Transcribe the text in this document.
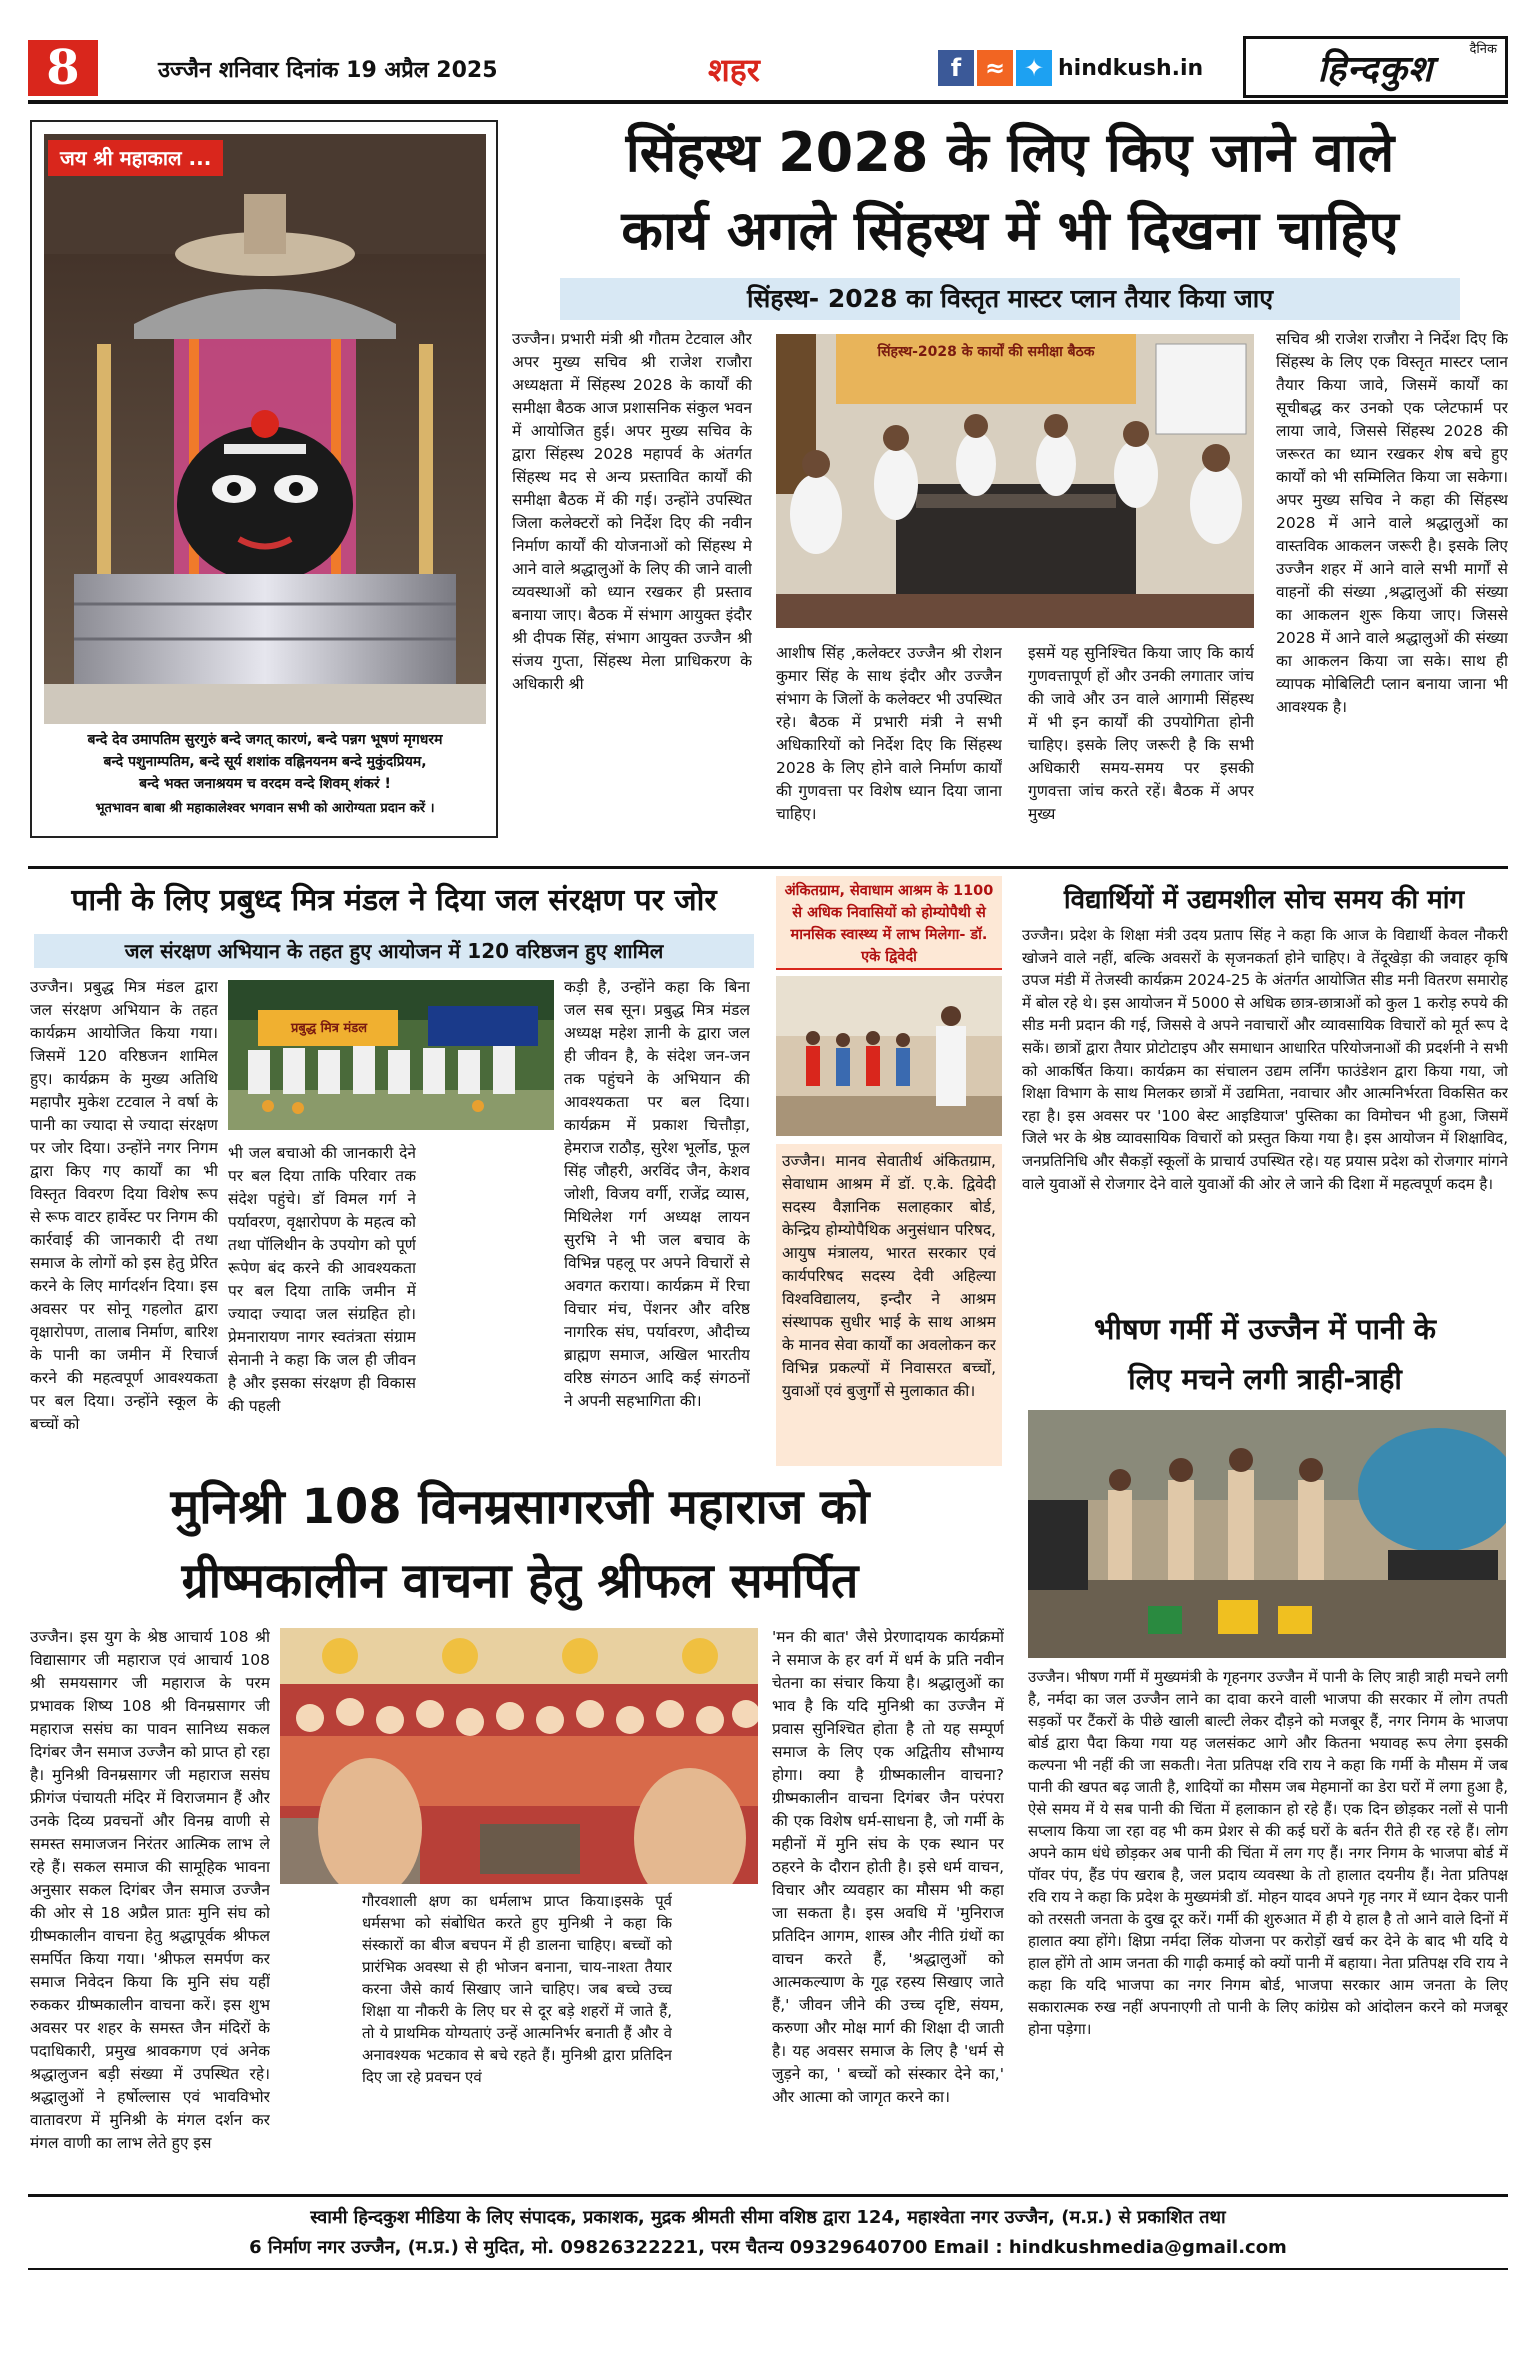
8	उज्जैन शनिवार दिनांक 19 अप्रैल 2025	शहर	f ≈ ✦ hindkush.in
दैनिक
हिन्दकुश
जय श्री महाकाल ...
बन्दे देव उमापतिम सुरगुरुं बन्दे जगत् कारणं, बन्दे पन्नग भूषणं मृगधरम
बन्दे पशुनाम्पतिम, बन्दे सूर्य शशांक वह्निनयनम बन्दे मुकुंदप्रियम,
बन्दे भक्त जनाश्रयम च वरदम वन्दे शिवम् शंकरं !
भूतभावन बाबा श्री महाकालेश्वर भगवान सभी को आरोग्यता प्रदान करें ।
सिंहस्थ 2028 के लिए किए जाने वाले
कार्य अगले सिंहस्थ में भी दिखना चाहिए
सिंहस्थ- 2028 का विस्तृत मास्टर प्लान तैयार किया जाए
उज्जैन। प्रभारी मंत्री श्री गौतम टेटवाल और अपर मुख्य सचिव श्री राजेश राजौरा अध्यक्षता में सिंहस्थ 2028 के कार्यों की समीक्षा बैठक आज प्रशासनिक संकुल भवन में आयोजित हुई। अपर मुख्य सचिव के द्वारा सिंहस्थ 2028 महापर्व के अंतर्गत सिंहस्थ मद से अन्य प्रस्तावित कार्यों की समीक्षा बैठक में की गई। उन्होंने उपस्थित जिला कलेक्टरों को निर्देश दिए की नवीन निर्माण कार्यों की योजनाओं को सिंहस्थ मे आने वाले श्रद्धालुओं के लिए की जाने वाली व्यवस्थाओं को ध्यान रखकर ही प्रस्ताव बनाया जाए। बैठक में संभाग आयुक्त इंदौर श्री दीपक सिंह, संभाग आयुक्त उज्जैन श्री संजय गुप्ता, सिंहस्थ मेला प्राधिकरण के अधिकारी श्री
सिंहस्थ-2028 के कार्यों की समीक्षा बैठक
आशीष सिंह ,कलेक्टर उज्जैन श्री रोशन कुमार सिंह के साथ इंदौर और उज्जैन संभाग के जिलों के कलेक्टर भी उपस्थित रहे। बैठक में प्रभारी मंत्री ने सभी अधिकारियों को निर्देश दिए कि सिंहस्थ 2028 के लिए होने वाले निर्माण कार्यों की गुणवत्ता पर विशेष ध्यान दिया जाना चाहिए।
इसमें यह सुनिश्चित किया जाए कि कार्य गुणवत्तापूर्ण हों और उनकी लगातार जांच की जावे और उन वाले आगामी सिंहस्थ में भी इन कार्यों की उपयोगिता होनी चाहिए। इसके लिए जरूरी है कि सभी अधिकारी समय-समय पर इसकी गुणवत्ता जांच करते रहें। बैठक में अपर मुख्य
सचिव श्री राजेश राजौरा ने निर्देश दिए कि सिंहस्थ के लिए एक विस्तृत मास्टर प्लान तैयार किया जावे, जिसमें कार्यों का सूचीबद्ध कर उनको एक प्लेटफार्म पर लाया जावे, जिससे सिंहस्थ 2028 की जरूरत का ध्यान रखकर शेष बचे हुए कार्यों को भी सम्मिलित किया जा सकेगा। अपर मुख्य सचिव ने कहा की सिंहस्थ 2028 में आने वाले श्रद्धालुओं का वास्तविक आकलन जरूरी है। इसके लिए उज्जैन शहर में आने वाले सभी मार्गों से वाहनों की संख्या ,श्रद्धालुओं की संख्या का आकलन शुरू किया जाए। जिससे 2028 में आने वाले श्रद्धालुओं की संख्या का आकलन किया जा सके। साथ ही व्यापक मोबिलिटी प्लान बनाया जाना भी आवश्यक है।
पानी के लिए प्रबुध्द मित्र मंडल ने दिया जल संरक्षण पर जोर
जल संरक्षण अभियान के तहत हुए आयोजन में 120 वरिष्ठजन हुए शामिल
उज्जैन। प्रबुद्ध मित्र मंडल द्वारा जल संरक्षण अभियान के तहत कार्यक्रम आयोजित किया गया। जिसमें 120 वरिष्ठजन शामिल हुए। कार्यक्रम के मुख्य अतिथि महापौर मुकेश टटवाल ने वर्षा के पानी का ज्यादा से ज्यादा संरक्षण पर जोर दिया। उन्होंने नगर निगम द्वारा किए गए कार्यों का भी विस्तृत विवरण दिया विशेष रूप से रूफ वाटर हार्वेस्ट पर निगम की कार्रवाई की जानकारी दी तथा समाज के लोगों को इस हेतु प्रेरित करने के लिए मार्गदर्शन दिया। इस अवसर पर सोनू गहलोत द्वारा वृक्षारोपण, तालाब निर्माण, बारिश के पानी का जमीन में रिचार्ज करने की महत्वपूर्ण आवश्यकता पर बल दिया। उन्होंने स्कूल के बच्चों को
प्रबुद्ध मित्र मंडल
भी जल बचाओ की जानकारी देने पर बल दिया ताकि परिवार तक संदेश पहुंचे। डॉ विमल गर्ग ने पर्यावरण, वृक्षारोपण के महत्व को तथा पॉलिथीन के उपयोग को पूर्ण रूपेण बंद करने की आवश्यकता पर बल दिया ताकि जमीन में ज्यादा ज्यादा जल संग्रहित हो। प्रेमनारायण नागर स्वतंत्रता संग्राम सेनानी ने कहा कि जल ही जीवन है और इसका संरक्षण ही विकास की पहली
कड़ी है, उन्होंने कहा कि बिना जल सब सून। प्रबुद्ध मित्र मंडल अध्यक्ष महेश ज्ञानी के द्वारा जल ही जीवन है, के संदेश जन-जन तक पहुंचने के अभियान की आवश्यकता पर बल दिया। कार्यक्रम में प्रकाश चित्तौड़ा, हेमराज राठौड़, सुरेश भूर्लोड, फूल सिंह जौहरी, अरविंद जैन, केशव जोशी, विजय वर्गी, राजेंद्र व्यास, मिथिलेश गर्ग अध्यक्ष लायन सुरभि ने भी जल बचाव के विभिन्न पहलू पर अपने विचारों से अवगत कराया। कार्यक्रम में रिचा विचार मंच, पेंशनर और वरिष्ठ नागरिक संघ, पर्यावरण, औदीच्य ब्राह्मण समाज, अखिल भारतीय वरिष्ठ संगठन आदि कई संगठनों ने अपनी सहभागिता की।
अंकितग्राम, सेवाधाम आश्रम के 1100 से अधिक निवासियों को होम्योपैथी से मानसिक स्वास्थ्य में लाभ मिलेगा- डॉ. एके द्विवेदी
उज्जैन। मानव सेवातीर्थ अंकितग्राम, सेवाधाम आश्रम में डॉ. ए.के. द्विवेदी सदस्य वैज्ञानिक सलाहकार बोर्ड, केन्द्रिय होम्योपैथिक अनुसंधान परिषद, आयुष मंत्रालय, भारत सरकार एवं कार्यपरिषद सदस्य देवी अहिल्या विश्वविद्यालय, इन्दौर ने आश्रम संस्थापक सुधीर भाई के साथ आश्रम के मानव सेवा कार्यों का अवलोकन कर विभिन्न प्रकल्पों में निवासरत बच्चों, युवाओं एवं बुजुर्गों से मुलाकात की।
विद्यार्थियों में उद्यमशील सोच समय की मांग
उज्जैन। प्रदेश के शिक्षा मंत्री उदय प्रताप सिंह ने कहा कि आज के विद्यार्थी केवल नौकरी खोजने वाले नहीं, बल्कि अवसरों के सृजनकर्ता होने चाहिए। वे तेंदूखेड़ा की जवाहर कृषि उपज मंडी में तेजस्वी कार्यक्रम 2024-25 के अंतर्गत आयोजित सीड मनी वितरण समारोह में बोल रहे थे। इस आयोजन में 5000 से अधिक छात्र-छात्राओं को कुल 1 करोड़ रुपये की सीड मनी प्रदान की गई, जिससे वे अपने नवाचारों और व्यावसायिक विचारों को मूर्त रूप दे सकें। छात्रों द्वारा तैयार प्रोटोटाइप और समाधान आधारित परियोजनाओं की प्रदर्शनी ने सभी को आकर्षित किया। कार्यक्रम का संचालन उद्यम लर्निंग फाउंडेशन द्वारा किया गया, जो शिक्षा विभाग के साथ मिलकर छात्रों में उद्यमिता, नवाचार और आत्मनिर्भरता विकसित कर रहा है। इस अवसर पर '100 बेस्ट आइडियाज' पुस्तिका का विमोचन भी हुआ, जिसमें जिले भर के श्रेष्ठ व्यावसायिक विचारों को प्रस्तुत किया गया है। इस आयोजन में शिक्षाविद, जनप्रतिनिधि और सैकड़ों स्कूलों के प्राचार्य उपस्थित रहे। यह प्रयास प्रदेश को रोजगार मांगने वाले युवाओं से रोजगार देने वाले युवाओं की ओर ले जाने की दिशा में महत्वपूर्ण कदम है।
भीषण गर्मी में उज्जैन में पानी के
लिए मचने लगी त्राही-त्राही
उज्जैन। भीषण गर्मी में मुख्यमंत्री के गृहनगर उज्जैन में पानी के लिए त्राही त्राही मचने लगी है, नर्मदा का जल उज्जैन लाने का दावा करने वाली भाजपा की सरकार में लोग तपती सड़कों पर टैंकरों के पीछे खाली बाल्टी लेकर दौड़ने को मजबूर हैं, नगर निगम के भाजपा बोर्ड द्वारा पैदा किया गया यह जलसंकट आगे और कितना भयावह रूप लेगा इसकी कल्पना भी नहीं की जा सकती। नेता प्रतिपक्ष रवि राय ने कहा कि गर्मी के मौसम में जब पानी की खपत बढ़ जाती है, शादियों का मौसम जब मेहमानों का डेरा घरों में लगा हुआ है, ऐसे समय में ये सब पानी की चिंता में हलाकान हो रहे हैं। एक दिन छोड़कर नलों से पानी सप्लाय किया जा रहा वह भी कम प्रेशर से की कई घरों के बर्तन रीते ही रह रहे हैं। लोग अपने काम धंधे छोड़कर अब पानी की चिंता में लग गए हैं। नगर निगम के भाजपा बोर्ड में पॉवर पंप, हैंड पंप खराब है, जल प्रदाय व्यवस्था के तो हालात दयनीय हैं। नेता प्रतिपक्ष रवि राय ने कहा कि प्रदेश के मुख्यमंत्री डॉ. मोहन यादव अपने गृह नगर में ध्यान देकर पानी को तरसती जनता के दुख दूर करें। गर्मी की शुरुआत में ही ये हाल है तो आने वाले दिनों में हालात क्या होंगे। क्षिप्रा नर्मदा लिंक योजना पर करोड़ों खर्च कर देने के बाद भी यदि ये हाल होंगे तो आम जनता की गाढ़ी कमाई को क्यों पानी में बहाया। नेता प्रतिपक्ष रवि राय ने कहा कि यदि भाजपा का नगर निगम बोर्ड, भाजपा सरकार आम जनता के लिए सकारात्मक रुख नहीं अपनाएगी तो पानी के लिए कांग्रेस को आंदोलन करने को मजबूर होना पड़ेगा।
मुनिश्री 108 विनम्रसागरजी महाराज को
ग्रीष्मकालीन वाचना हेतु श्रीफल समर्पित
उज्जैन। इस युग के श्रेष्ठ आचार्य 108 श्री विद्यासागर जी महाराज एवं आचार्य 108 श्री समयसागर जी महाराज के परम प्रभावक शिष्य 108 श्री विनम्रसागर जी महाराज ससंघ का पावन सानिध्य सकल दिगंबर जैन समाज उज्जैन को प्राप्त हो रहा है। मुनिश्री विनम्रसागर जी महाराज ससंघ फ्रीगंज पंचायती मंदिर में विराजमान हैं और उनके दिव्य प्रवचनों और विनम्र वाणी से समस्त समाजजन निरंतर आत्मिक लाभ ले रहे हैं। सकल समाज की सामूहिक भावना अनुसार सकल दिगंबर जैन समाज उज्जैन की ओर से 18 अप्रैल प्रातः मुनि संघ को ग्रीष्मकालीन वाचना हेतु श्रद्धापूर्वक श्रीफल समर्पित किया गया। 'श्रीफल समर्पण कर समाज निवेदन किया कि मुनि संघ यहीं रुककर ग्रीष्मकालीन वाचना करें। इस शुभ अवसर पर शहर के समस्त जैन मंदिरों के पदाधिकारी, प्रमुख श्रावकगण एवं अनेक श्रद्धालुजन बड़ी संख्या में उपस्थित रहे। श्रद्धालुओं ने हर्षोल्लास एवं भावविभोर वातावरण में मुनिश्री के मंगल दर्शन कर मंगल वाणी का लाभ लेते हुए इस
गौरवशाली क्षण का धर्मलाभ प्राप्त किया।इसके पूर्व धर्मसभा को संबोधित करते हुए मुनिश्री ने कहा कि संस्कारों का बीज बचपन में ही डालना चाहिए। बच्चों को प्रारंभिक अवस्था से ही भोजन बनाना, चाय-नाश्ता तैयार करना जैसे कार्य सिखाए जाने चाहिए। जब बच्चे उच्च शिक्षा या नौकरी के लिए घर से दूर बड़े शहरों में जाते हैं, तो ये प्राथमिक योग्यताएं उन्हें आत्मनिर्भर बनाती हैं और वे अनावश्यक भटकाव से बचे रहते हैं। मुनिश्री द्वारा प्रतिदिन दिए जा रहे प्रवचन एवं
'मन की बात' जैसे प्रेरणादायक कार्यक्रमों ने समाज के हर वर्ग में धर्म के प्रति नवीन चेतना का संचार किया है। श्रद्धालुओं का भाव है कि यदि मुनिश्री का उज्जैन में प्रवास सुनिश्चित होता है तो यह सम्पूर्ण समाज के लिए एक अद्वितीय सौभाग्य होगा। क्या है ग्रीष्मकालीन वाचना? ग्रीष्मकालीन वाचना दिगंबर जैन परंपरा की एक विशेष धर्म-साधना है, जो गर्मी के महीनों में मुनि संघ के एक स्थान पर ठहरने के दौरान होती है। इसे धर्म वाचन, विचार और व्यवहार का मौसम भी कहा जा सकता है। इस अवधि में 'मुनिराज प्रतिदिन आगम, शास्त्र और नीति ग्रंथों का वाचन करते हैं, 'श्रद्धालुओं को आत्मकल्याण के गूढ़ रहस्य सिखाए जाते हैं,' जीवन जीने की उच्च दृष्टि, संयम, करुणा और मोक्ष मार्ग की शिक्षा दी जाती है। यह अवसर समाज के लिए है 'धर्म से जुड़ने का, ' बच्चों को संस्कार देने का,' और आत्मा को जागृत करने का।
स्वामी हिन्दकुश मीडिया के लिए संपादक, प्रकाशक, मुद्रक श्रीमती सीमा वशिष्ठ द्वारा 124, महाश्वेता नगर उज्जैन, (म.प्र.) से प्रकाशित तथा
6 निर्माण नगर उज्जैन, (म.प्र.) से मुदित, मो. 09826322221, परम चैतन्य 09329640700 Email : hindkushmedia@gmail.com
